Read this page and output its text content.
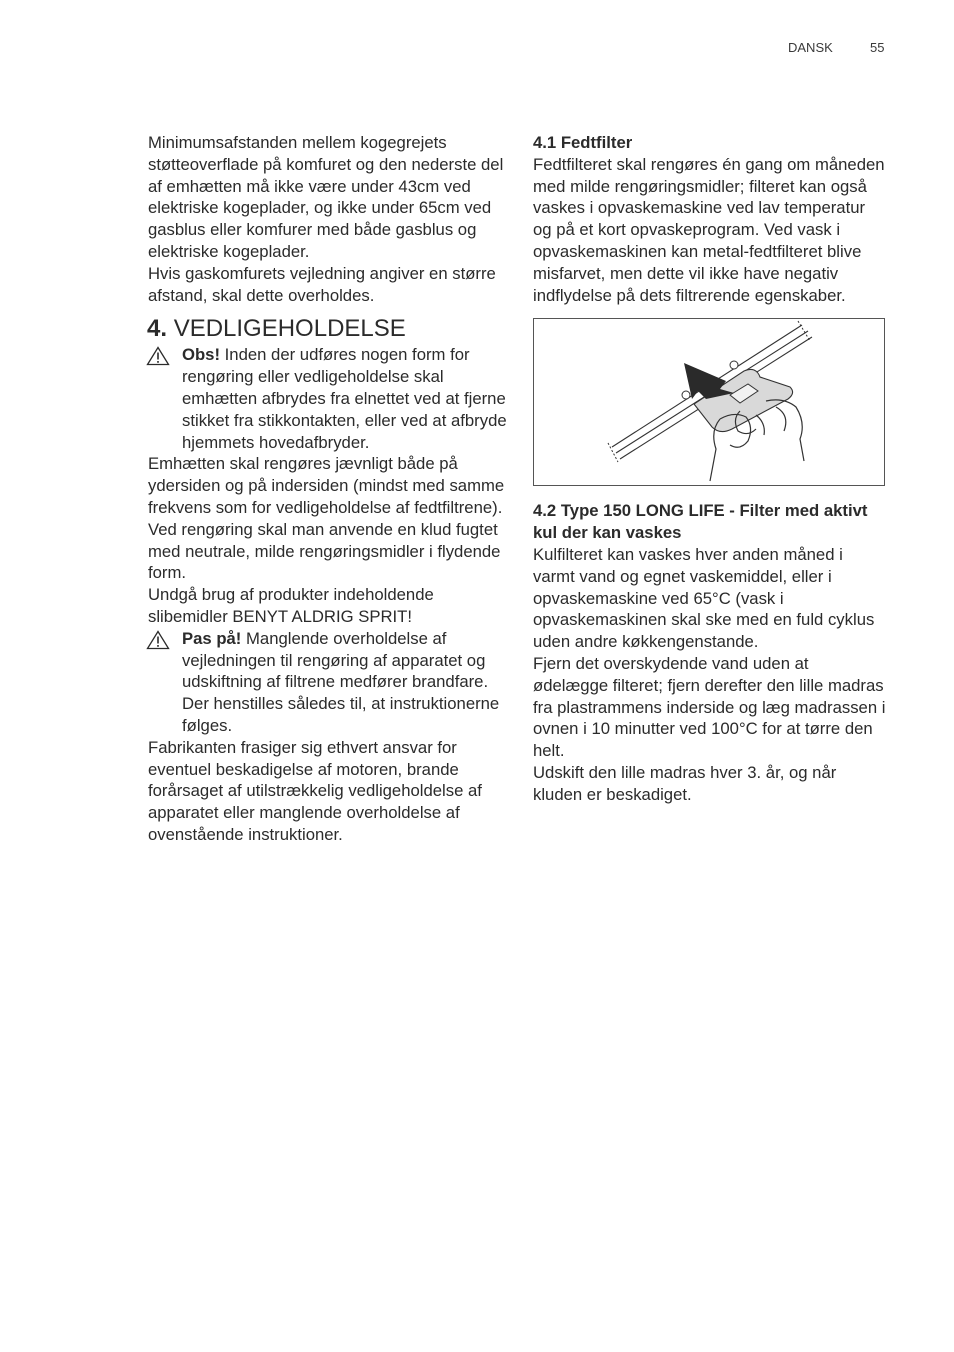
DANSK	55

Minimumsafstanden mellem kogegrejets støtteoverflade på komfuret og den nederste del af emhætten må ikke være under 43cm ved elektriske kogeplader, og ikke under 65cm ved gasblus eller komfurer med både gasblus og elektriske kogeplader.

Hvis gaskomfurets vejledning angiver en større afstand, skal dette overholdes.

4. VEDLIGEHOLDELSE

Obs! Inden der udføres nogen form for rengøring eller vedligeholdelse skal emhætten afbrydes fra elnettet ved at fjerne stikket fra stikkontakten, eller ved at afbryde hjemmets hovedafbryder.

Emhætten skal rengøres jævnligt både på ydersiden og på indersiden (mindst med samme frekvens som for vedligeholdelse af fedtfiltrene). Ved rengøring skal man anvende en klud fugtet med neutrale, milde rengøringsmidler i flydende form.

Undgå brug af produkter indeholdende slibemidler BENYT ALDRIG SPRIT!

Pas på! Manglende overholdelse af vejledningen til rengøring af apparatet og udskiftning af filtrene medfører brandfare. Der henstilles således til, at instruktionerne følges.

Fabrikanten frasiger sig ethvert ansvar for eventuel beskadigelse af motoren, brande forårsaget af utilstrækkelig vedligeholdelse af apparatet eller manglende overholdelse af ovenstående instruktioner.

4.1 Fedtfilter

Fedtfilteret skal rengøres én gang om måneden med milde rengøringsmidler; filteret kan også vaskes i opvaskemaskine ved lav temperatur og på et kort opvaskeprogram. Ved vask i opvaskemaskinen kan metal-fedtfilteret blive misfarvet, men dette vil ikke have negativ indflydelse på dets filtrerende egenskaber.

4.2 Type 150 LONG LIFE - Filter med aktivt kul der kan vaskes

Kulfilteret kan vaskes hver anden måned i varmt vand og egnet vaskemiddel, eller i opvaskemaskine ved 65°C (vask i opvaskemaskinen skal ske med en fuld cyklus uden andre køkkengenstande.

Fjern det overskydende vand uden at ødelægge filteret; fjern derefter den lille madras fra plastrammens inderside og læg madrassen i ovnen i 10 minutter ved 100°C for at tørre den helt.

Udskift den lille madras hver 3. år, og når kluden er beskadiget.
